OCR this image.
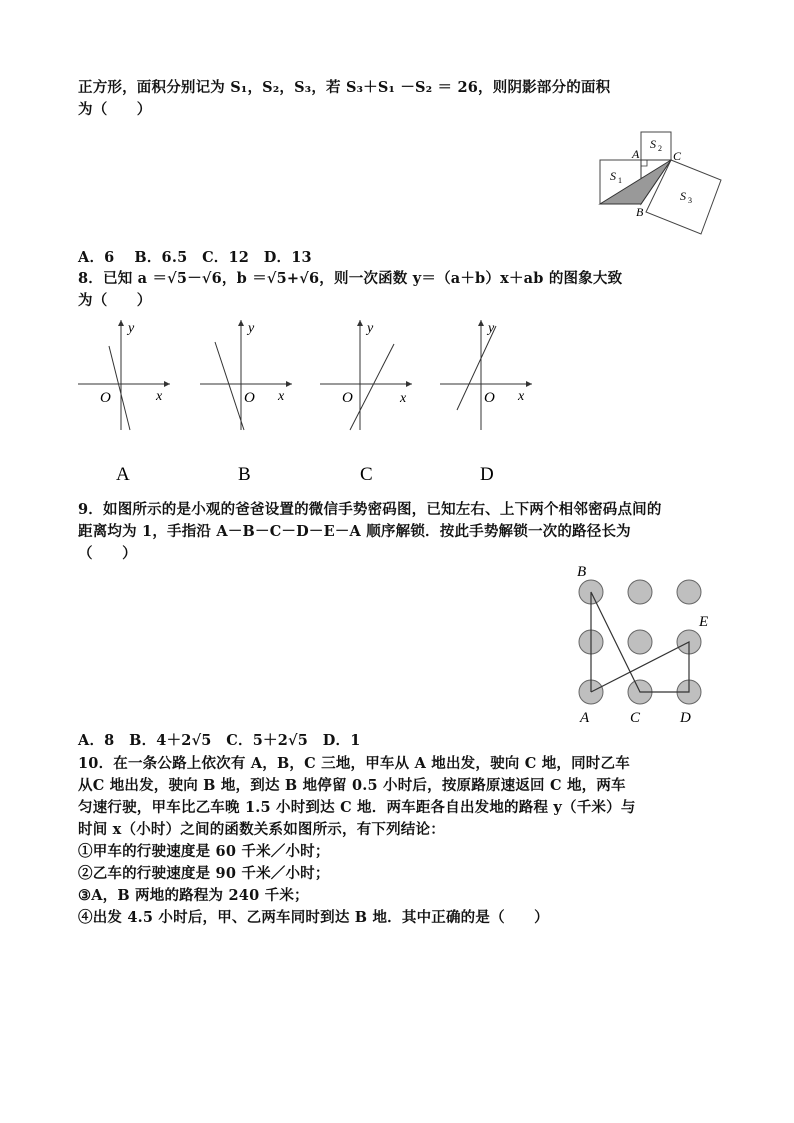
正方形，面积分别记为 S₁，S₂，S₃，若 S₃＋S₁ －S₂ ＝ 26，则阴影部分的面积
为（　　）
A
B
C
S 1
S 2
S 3
A．6　 B．6.5　C．12　D．13
8．已知 a ＝√5－√6，b ＝√5+√6，则一次函数 y＝（a＋b）x＋ab 的图象大致
为（　　）
y
x
O
A
y
x
O
B
y
x
O
C
y
x
O
D
9．如图所示的是小观的爸爸设置的微信手势密码图，已知左右、上下两个相邻密码点间的
距离均为 1，手指沿 A－B－C－D－E－A 顺序解锁．按此手势解锁一次的路径长为
（　　）
B
E
A	C	D
A．8　B．4＋2√5　C．5＋2√5　D．1
10．在一条公路上依次有 A，B，C 三地，甲车从 A 地出发，驶向 C 地，同时乙车
从C 地出发，驶向 B 地，到达 B 地停留 0.5 小时后，按原路原速返回 C 地，两车
匀速行驶，甲车比乙车晚 1.5 小时到达 C 地．两车距各自出发地的路程 y（千米）与
时间 x（小时）之间的函数关系如图所示，有下列结论：
①甲车的行驶速度是 60 千米／小时；
②乙车的行驶速度是 90 千米／小时；
③A，B 两地的路程为 240 千米；
④出发 4.5 小时后，甲、乙两车同时到达 B 地．其中正确的是（　　）
